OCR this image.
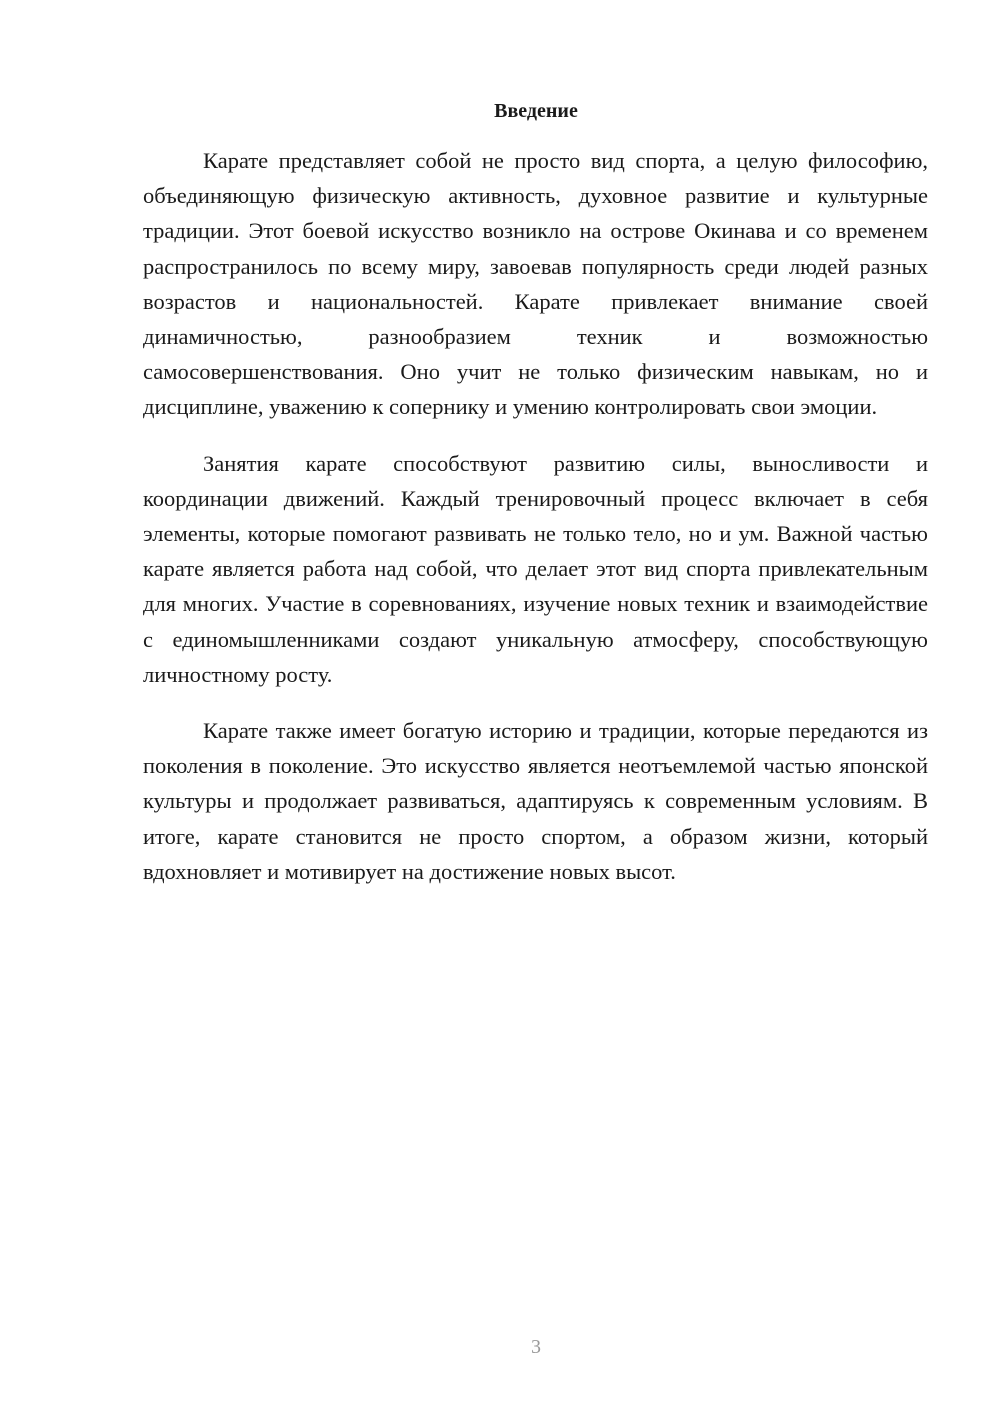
Введение

Карате представляет собой не просто вид спорта, а целую философию, объединяющую физическую активность, духовное развитие и культурные традиции. Этот боевой искусство возникло на острове Окинава и со временем распространилось по всему миру, завоевав популярность среди людей разных возрастов и национальностей. Карате привлекает внимание своей динамичностью, разнообразием техник и возможностью самосовершенствования. Оно учит не только физическим навыкам, но и дисциплине, уважению к сопернику и умению контролировать свои эмоции.

Занятия карате способствуют развитию силы, выносливости и координации движений. Каждый тренировочный процесс включает в себя элементы, которые помогают развивать не только тело, но и ум. Важной частью карате является работа над собой, что делает этот вид спорта привлекательным для многих. Участие в соревнованиях, изучение новых техник и взаимодействие с единомышленниками создают уникальную атмосферу, способствующую личностному росту.

Карате также имеет богатую историю и традиции, которые передаются из поколения в поколение. Это искусство является неотъемлемой частью японской культуры и продолжает развиваться, адаптируясь к современным условиям. В итоге, карате становится не просто спортом, а образом жизни, который вдохновляет и мотивирует на достижение новых высот.

3
